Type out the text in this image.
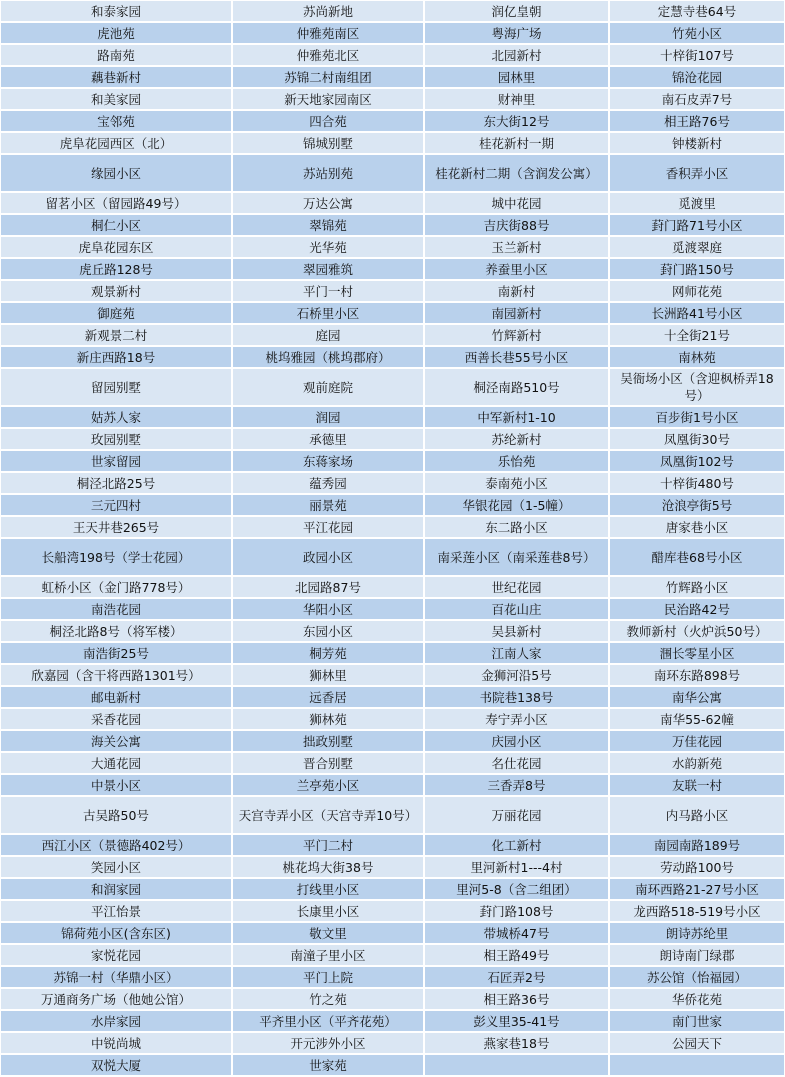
和泰家园	苏尚新地	润亿皇朝	定慧寺巷64号
虎池苑	仲雅苑南区	粤海广场	竹苑小区
路南苑	仲雅苑北区	北园新村	十梓街107号
藕巷新村	苏锦二村南组团	园林里	锦沧花园
和美家园	新天地家园南区	财神里	南石皮弄7号
宝邻苑	四合苑	东大街12号	相王路76号
虎阜花园西区（北）	锦城别墅	桂花新村一期	钟楼新村
缘园小区	苏站别苑	桂花新村二期（含润发公寓）	香积弄小区
留茗小区（留园路49号）	万达公寓	城中花园	觅渡里
桐仁小区	翠锦苑	吉庆街88号	葑门路71号小区
虎阜花园东区	光华苑	玉兰新村	觅渡翠庭
虎丘路128号	翠园雅筑	养蚕里小区	葑门路150号
观景新村	平门一村	南新村	网师花苑
御庭苑	石桥里小区	南园新村	长洲路41号小区
新观景二村	庭园	竹辉新村	十全街21号
新庄西路18号	桃坞雅园（桃坞郡府）	西善长巷55号小区	南林苑
留园别墅	观前庭院	桐泾南路510号	吴衙场小区（含迎枫桥弄18号）
姑苏人家	润园	中军新村1-10	百步街1号小区
玫园别墅	承德里	苏纶新村	凤凰街30号
世家留园	东蒋家场	乐怡苑	凤凰街102号
桐泾北路25号	蕴秀园	泰南苑小区	十梓街480号
三元四村	丽景苑	华银花园（1-5幢）	沧浪亭街5号
王天井巷265号	平江花园	东二路小区	唐家巷小区
长船湾198号（学士花园）	政园小区	南采莲小区（南采莲巷8号）	醋库巷68号小区
虹桥小区（金门路778号）	北园路87号	世纪花园	竹辉路小区
南浩花园	华阳小区	百花山庄	民治路42号
桐泾北路8号（将军楼）	东园小区	吴县新村	教师新村（火炉浜50号）
南浩街25号	桐芳苑	江南人家	涠长零星小区
欣嘉园（含干将西路1301号）	狮林里	金狮河沿5号	南环东路898号
邮电新村	远香居	书院巷138号	南华公寓
采香花园	狮林苑	寿宁弄小区	南华55-62幢
海关公寓	拙政别墅	庆园小区	万佳花园
大通花园	晋合别墅	名仕花园	水韵新苑
中景小区	兰亭苑小区	三香弄8号	友联一村
古吴路50号	天宫寺弄小区（天宫寺弄10号）	万丽花园	内马路小区
西江小区（景德路402号）	平门二村	化工新村	南园南路189号
笑园小区	桃花坞大街38号	里河新村1---4村	劳动路100号
和润家园	打线里小区	里河5-8（含二组团）	南环西路21-27号小区
平江怡景	长康里小区	葑门路108号	龙西路518-519号小区
锦荷苑小区(含东区)	敬文里	带城桥47号	朗诗苏纶里
家悦花园	南潼子里小区	相王路49号	朗诗南门绿郡
苏锦一村（华鼎小区）	平门上院	石匠弄2号	苏公馆（怡福园）
万通商务广场（他她公馆）	竹之苑	相王路36号	华侨花苑
水岸家园	平齐里小区（平齐花苑）	彭义里35-41号	南门世家
中锐尚城	开元涉外小区	燕家巷18号	公园天下
双悦大厦	世家苑		
